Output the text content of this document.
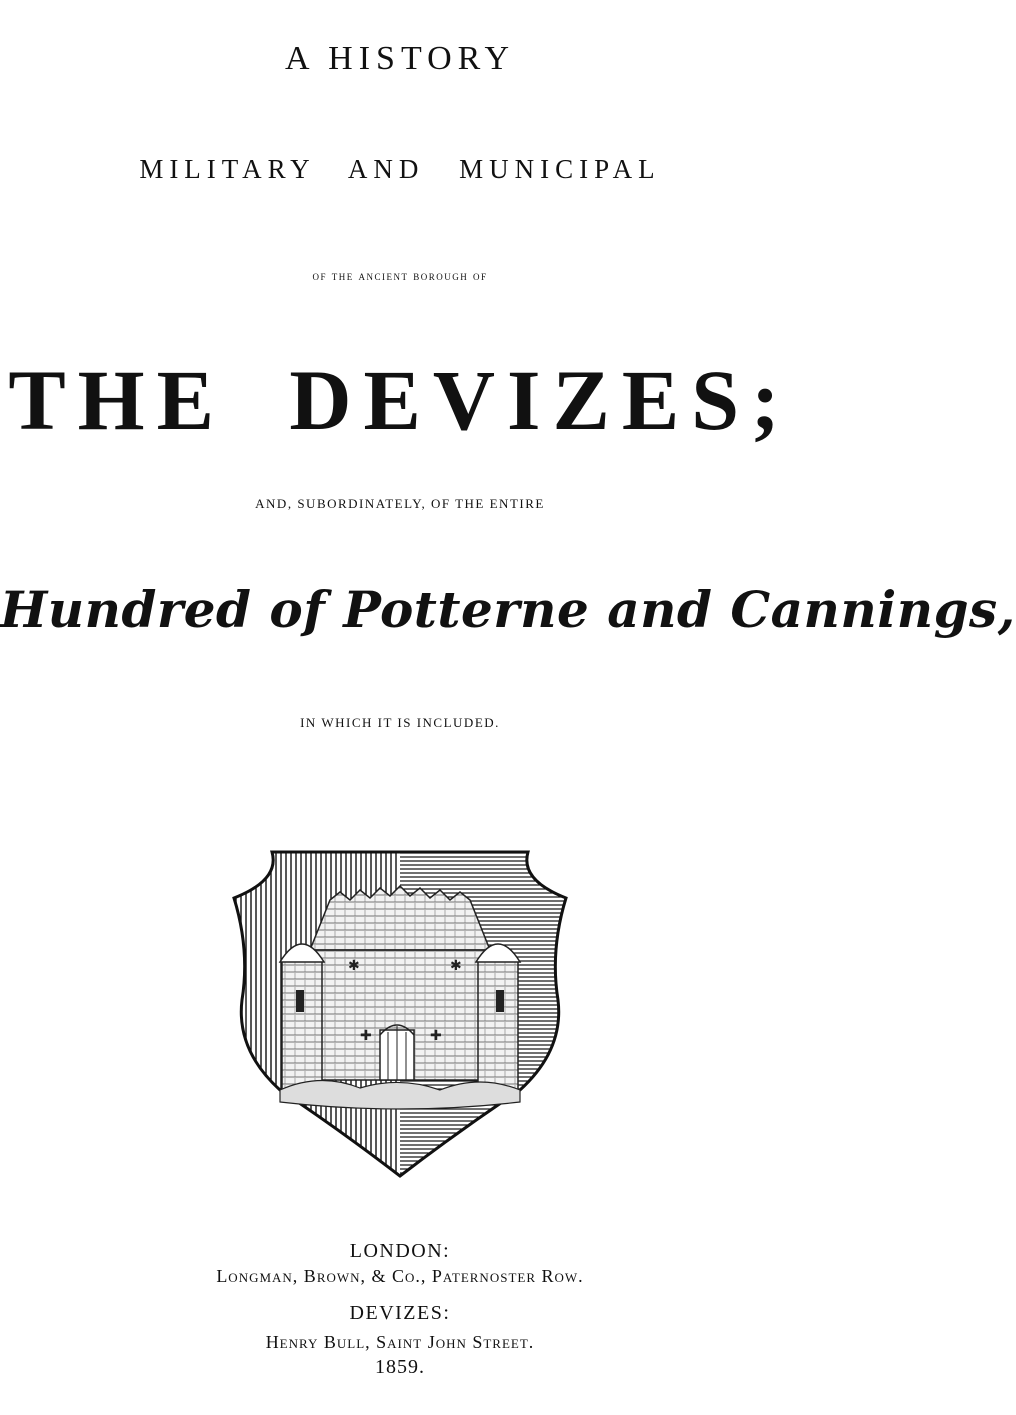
A HISTORY
MILITARY AND MUNICIPAL
of the ancient borough of
THE DEVIZES;
AND, SUBORDINATELY, OF THE ENTIRE
Hundred of Potterne and Cannings,
IN WHICH IT IS INCLUDED.
✱	✱
✚	✚
LONDON:
Longman, Brown, & Co., Paternoster Row.
DEVIZES:
Henry Bull, Saint John Street.
1859.
